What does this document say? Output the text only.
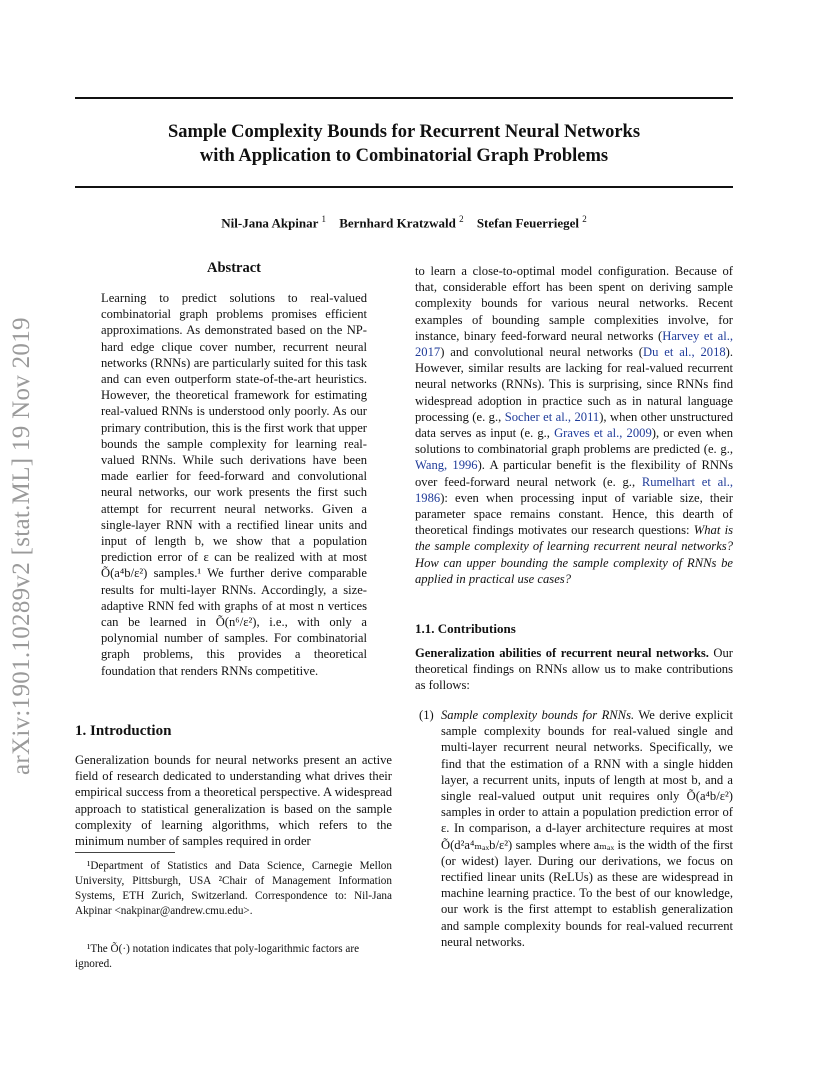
Sample Complexity Bounds for Recurrent Neural Networks
with Application to Combinatorial Graph Problems
Nil-Jana Akpinar $^1$ Bernhard Kratzwald $^2$ Stefan Feuerriegel $^2$
arXiv:1901.10289v2 [stat.ML] 19 Nov 2019
Abstract
Learning to predict solutions to real-valued combinatorial graph problems promises efficient approximations. As demonstrated based on the NP-hard edge clique cover number, recurrent neural networks (RNNs) are particularly suited for this task and can even outperform state-of-the-art heuristics. However, the theoretical framework for estimating real-valued RNNs is understood only poorly. As our primary contribution, this is the first work that upper bounds the sample complexity for learning real-valued RNNs. While such derivations have been made earlier for feed-forward and convolutional neural networks, our work presents the first such attempt for recurrent neural networks. Given a single-layer RNN with a rectified linear units and input of length b, we show that a population prediction error of ε can be realized with at most Õ(a⁴b/ε²) samples.¹ We further derive comparable results for multi-layer RNNs. Accordingly, a size-adaptive RNN fed with graphs of at most n vertices can be learned in Õ(n⁶/ε²), i.e., with only a polynomial number of samples. For combinatorial graph problems, this provides a theoretical foundation that renders RNNs competitive.
1. Introduction
Generalization bounds for neural networks present an active field of research dedicated to understanding what drives their empirical success from a theoretical perspective. A widespread approach to statistical generalization is based on the sample complexity of learning algorithms, which refers to the minimum number of samples required in order
¹Department of Statistics and Data Science, Carnegie Mellon University, Pittsburgh, USA ²Chair of Management Information Systems, ETH Zurich, Switzerland. Correspondence to: Nil-Jana Akpinar <nakpinar@andrew.cmu.edu>.
¹The Õ(·) notation indicates that poly-logarithmic factors are ignored.
to learn a close-to-optimal model configuration. Because of that, considerable effort has been spent on deriving sample complexity bounds for various neural networks. Recent examples of bounding sample complexities involve, for instance, binary feed-forward neural networks (Harvey et al., 2017) and convolutional neural networks (Du et al., 2018). However, similar results are lacking for real-valued recurrent neural networks (RNNs). This is surprising, since RNNs find widespread adoption in practice such as in natural language processing (e. g., Socher et al., 2011), when other unstructured data serves as input (e. g., Graves et al., 2009), or even when solutions to combinatorial graph problems are predicted (e. g., Wang, 1996). A particular benefit is the flexibility of RNNs over feed-forward neural network (e. g., Rumelhart et al., 1986): even when processing input of variable size, their parameter space remains constant. Hence, this dearth of theoretical findings motivates our research questions: What is the sample complexity of learning recurrent neural networks? How can upper bounding the sample complexity of RNNs be applied in practical use cases?
1.1. Contributions
Generalization abilities of recurrent neural networks. Our theoretical findings on RNNs allow us to make contributions as follows:
(1) Sample complexity bounds for RNNs. We derive explicit sample complexity bounds for real-valued single and multi-layer recurrent neural networks. Specifically, we find that the estimation of a RNN with a single hidden layer, a recurrent units, inputs of length at most b, and a single real-valued output unit requires only Õ(a⁴b/ε²) samples in order to attain a population prediction error of ε. In comparison, a d-layer architecture requires at most Õ(d²a⁴ₘₐₓb/ε²) samples where aₘₐₓ is the width of the first (or widest) layer. During our derivations, we focus on rectified linear units (ReLUs) as these are widespread in machine learning practice. To the best of our knowledge, our work is the first attempt to establish generalization and sample complexity bounds for real-valued recurrent neural networks.
